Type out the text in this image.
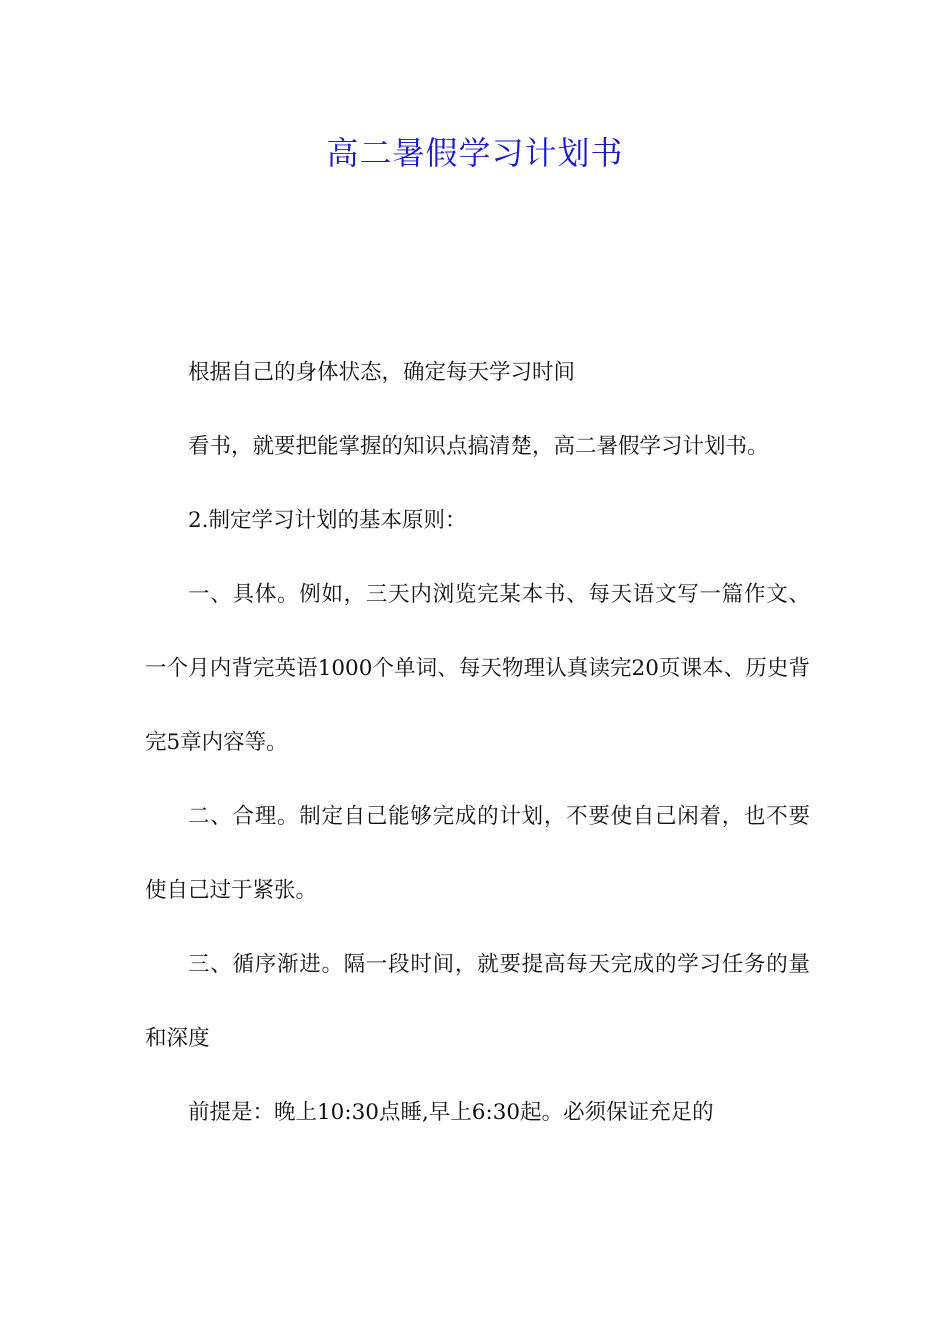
高二暑假学习计划书

根据自己的身体状态，确定每天学习时间

看书，就要把能掌握的知识点搞清楚，高二暑假学习计划书。

2.制定学习计划的基本原则：

一、具体。例如，三天内浏览完某本书、每天语文写一篇作文、一个月内背完英语1000个单词、每天物理认真读完20页课本、历史背完5章内容等。

二、合理。制定自己能够完成的计划，不要使自己闲着，也不要使自己过于紧张。

三、循序渐进。隔一段时间，就要提高每天完成的学习任务的量和深度

前提是：晚上10:30点睡,早上6:30起。必须保证充足的
